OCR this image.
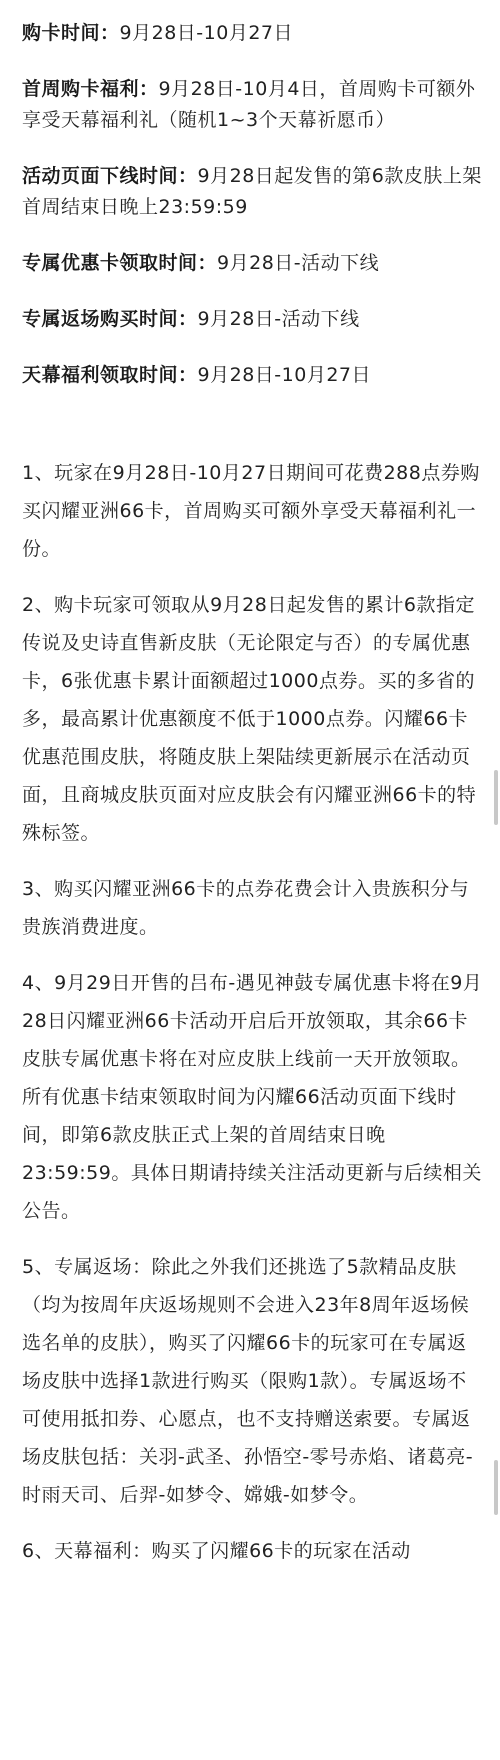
购卡时间：9月28日-10月27日
首周购卡福利：9月28日-10月4日，首周购卡可额外享受天幕福利礼（随机1~3个天幕祈愿币）
活动页面下线时间：9月28日起发售的第6款皮肤上架首周结束日晚上23:59:59
专属优惠卡领取时间：9月28日-活动下线
专属返场购买时间：9月28日-活动下线
天幕福利领取时间：9月28日-10月27日
1、玩家在9月28日-10月27日期间可花费288点券购买闪耀亚洲66卡，首周购买可额外享受天幕福利礼一份。
2、购卡玩家可领取从9月28日起发售的累计6款指定传说及史诗直售新皮肤（无论限定与否）的专属优惠卡，6张优惠卡累计面额超过1000点券。买的多省的多，最高累计优惠额度不低于1000点券。闪耀66卡优惠范围皮肤，将随皮肤上架陆续更新展示在活动页面，且商城皮肤页面对应皮肤会有闪耀亚洲66卡的特殊标签。
3、购买闪耀亚洲66卡的点券花费会计入贵族积分与贵族消费进度。
4、9月29日开售的吕布-遇见神鼓专属优惠卡将在9月28日闪耀亚洲66卡活动开启后开放领取，其余66卡皮肤专属优惠卡将在对应皮肤上线前一天开放领取。所有优惠卡结束领取时间为闪耀66活动页面下线时间，即第6款皮肤正式上架的首周结束日晚23:59:59。具体日期请持续关注活动更新与后续相关公告。
5、专属返场：除此之外我们还挑选了5款精品皮肤（均为按周年庆返场规则不会进入23年8周年返场候选名单的皮肤），购买了闪耀66卡的玩家可在专属返场皮肤中选择1款进行购买（限购1款）。专属返场不可使用抵扣券、心愿点，也不支持赠送索要。专属返场皮肤包括：关羽-武圣、孙悟空-零号赤焰、诸葛亮-时雨天司、后羿-如梦令、嫦娥-如梦令。
6、天幕福利：购买了闪耀66卡的玩家在活动
